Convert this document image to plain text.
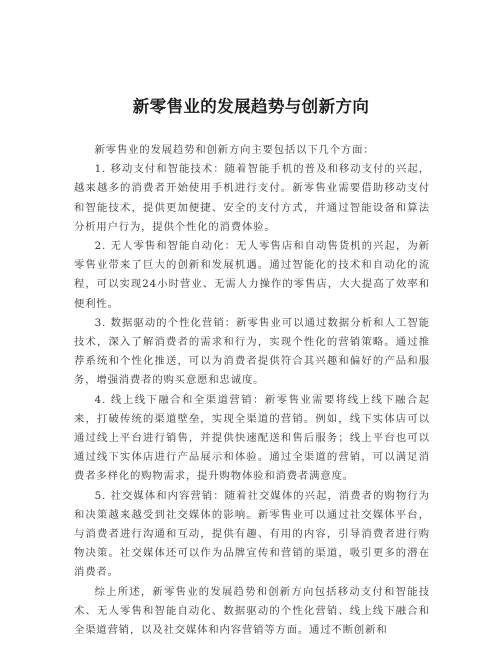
新零售业的发展趋势与创新方向

新零售业的发展趋势和创新方向主要包括以下几个方面：

1. 移动支付和智能技术：随着智能手机的普及和移动支付的兴起，越来越多的消费者开始使用手机进行支付。新零售业需要借助移动支付和智能技术，提供更加便捷、安全的支付方式，并通过智能设备和算法分析用户行为，提供个性化的消费体验。

2. 无人零售和智能自动化：无人零售店和自动售货机的兴起，为新零售业带来了巨大的创新和发展机遇。通过智能化的技术和自动化的流程，可以实现24小时营业、无需人力操作的零售店，大大提高了效率和便利性。

3. 数据驱动的个性化营销：新零售业可以通过数据分析和人工智能技术，深入了解消费者的需求和行为，实现个性化的营销策略。通过推荐系统和个性化推送，可以为消费者提供符合其兴趣和偏好的产品和服务，增强消费者的购买意愿和忠诚度。

4. 线上线下融合和全渠道营销：新零售业需要将线上线下融合起来，打破传统的渠道壁垒，实现全渠道的营销。例如，线下实体店可以通过线上平台进行销售，并提供快速配送和售后服务；线上平台也可以通过线下实体店进行产品展示和体验。通过全渠道的营销，可以满足消费者多样化的购物需求，提升购物体验和消费者满意度。

5. 社交媒体和内容营销：随着社交媒体的兴起，消费者的购物行为和决策越来越受到社交媒体的影响。新零售业可以通过社交媒体平台，与消费者进行沟通和互动，提供有趣、有用的内容，引导消费者进行购物决策。社交媒体还可以作为品牌宣传和营销的渠道，吸引更多的潜在消费者。

综上所述，新零售业的发展趋势和创新方向包括移动支付和智能技术、无人零售和智能自动化、数据驱动的个性化营销、线上线下融合和全渠道营销，以及社交媒体和内容营销等方面。通过不断创新和
